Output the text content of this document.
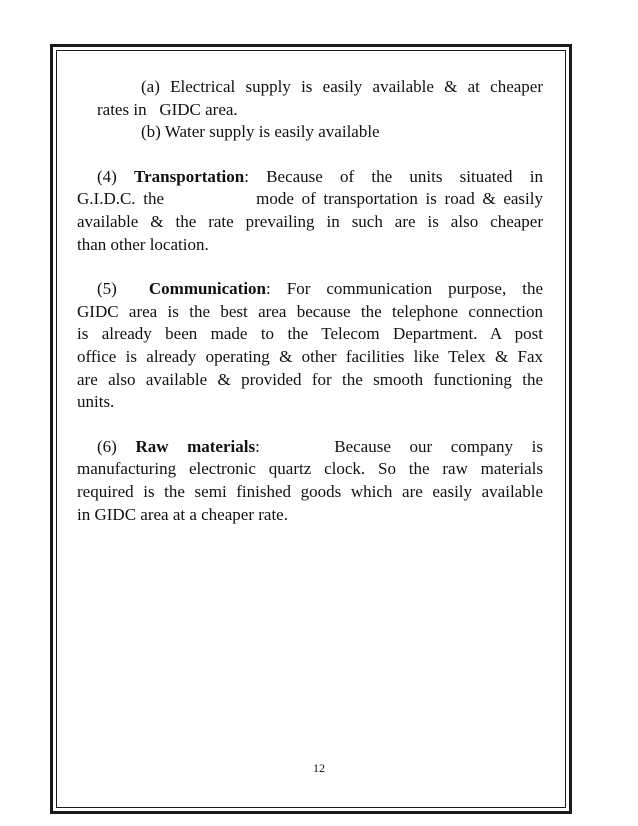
(a) Electrical supply is easily available & at cheaper
rates in   GIDC area.
(b) Water supply is easily available
(4) Transportation: Because of the units situated in
G.I.D.C. the            mode of transportation is road & easily
available & the rate prevailing in such are is also cheaper
than other location.
(5) Communication: For communication purpose, the
GIDC area is the best area because the telephone connection
is already been made to the Telecom Department. A post
office is already operating & other facilities like Telex & Fax
are also available & provided for the smooth functioning the
units.
(6) Raw materials:    Because our company is
manufacturing electronic quartz clock. So the raw materials
required is the semi finished goods which are easily available
in GIDC area at a cheaper rate.
12
